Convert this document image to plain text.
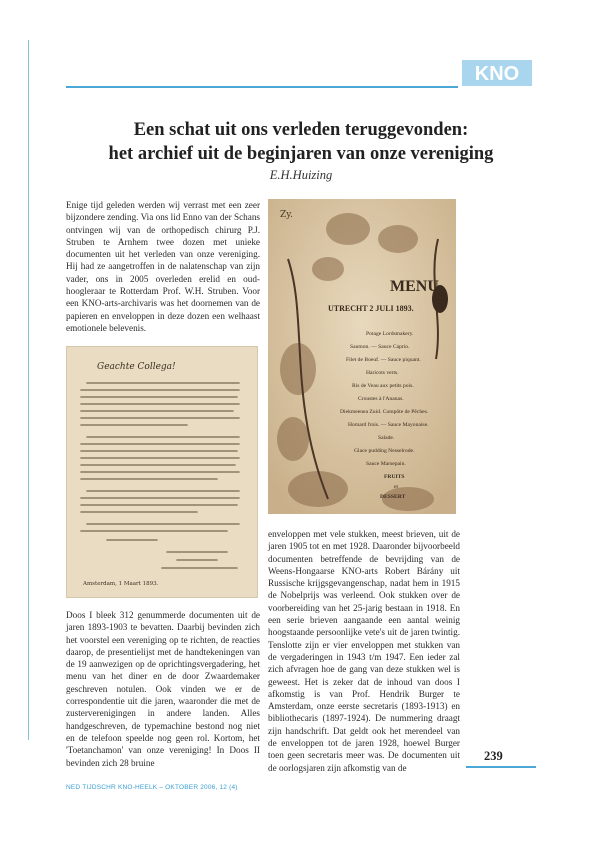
KNO
Een schat uit ons verleden teruggevonden:
het archief uit de beginjaren van onze vereniging
E.H.Huizing

Enige tijd geleden werden wij verrast met een zeer bijzondere zending. Via ons lid Enno van der Schans ontvingen wij van de orthopedisch chirurg P.J. Struben te Arnhem twee dozen met unieke documenten uit het verleden van onze vereniging. Hij had ze aangetroffen in de nalatenschap van zijn vader, ons in 2005 overleden erelid en oud-hoogleraar te Rotterdam Prof. W.H. Struben. Voor een KNO-arts-archivaris was het doornemen van de papieren en enveloppen in deze dozen een welhaast emotionele belevenis.

Geachte Collega!
Amsterdam, 1 Maart 1893.
Zy.
MENU
UTRECHT 2 JULI 1893.
Potage Lordsmakery.
Saumon. — Sauce Caprio.
Filet de Boeuf. — Sauce piquant.
Haricots verts.
Ris de Veau aux petits pois.
Croustes à l'Ananas.
Diekmeenea Zuid. Compôte de Pêches.
Homard frois. — Sauce Mayonaise.
Salade.
Glace pudding Nesselrode.
Sauce Marsepain.
FRUITS
et
DESSERT

Doos I bleek 312 genummerde documenten uit de jaren 1893-1903 te bevatten. Daarbij bevinden zich het voorstel een vereniging op te richten, de reacties daarop, de presentielijst met de handtekeningen van de 19 aanwezigen op de oprichtingsvergadering, het menu van het diner en de door Zwaardemaker geschreven notulen. Ook vinden we er de correspondentie uit die jaren, waaronder die met de zusterverenigingen in andere landen. Alles handgeschreven, de typemachine bestond nog niet en de telefoon speelde nog geen rol. Kortom, het 'Toetanchamon' van onze vereniging! In Doos II bevinden zich 28 bruine

enveloppen met vele stukken, meest brieven, uit de jaren 1905 tot en met 1928. Daaronder bijvoorbeeld documenten betreffende de bevrijding van de Weens-Hongaarse KNO-arts Robert Bárány uit Russische krijgsgevangenschap, nadat hem in 1915 de Nobelprijs was verleend. Ook stukken over de voorbereiding van het 25-jarig bestaan in 1918. En een serie brieven aangaande een aantal weinig hoogstaande persoonlijke vete's uit de jaren twintig. Tenslotte zijn er vier enveloppen met stukken van de vergaderingen in 1943 t/m 1947. Een ieder zal zich afvragen hoe de gang van deze stukken wel is geweest. Het is zeker dat de inhoud van doos I afkomstig is van Prof. Hendrik Burger te Amsterdam, onze eerste secretaris (1893-1913) en bibliothecaris (1897-1924). De nummering draagt zijn handschrift. Dat geldt ook het merendeel van de enveloppen tot de jaren 1928, hoewel Burger toen geen secretaris meer was. De documenten uit de oorlogsjaren zijn afkomstig van de

239
NED TIJDSCHR KNO-HEELK – OKTOBER 2006, 12 (4)
